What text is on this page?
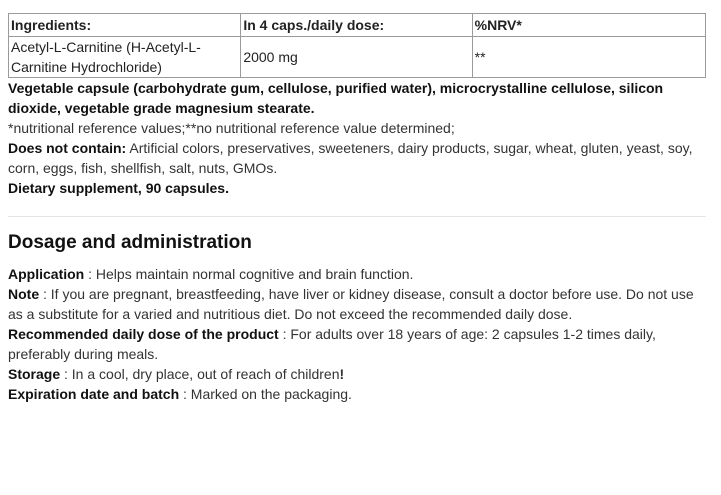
Ingredients:	In 4 caps./daily dose:	%NRV*
Acetyl-L-Carnitine (H-Acetyl-L-Carnitine Hydrochloride)	2000 mg	**

Vegetable capsule (carbohydrate gum, cellulose, purified water), microcrystalline cellulose, silicon dioxide, vegetable grade magnesium stearate.

*nutritional reference values;**no nutritional reference value determined;

Does not contain: Artificial colors, preservatives, sweeteners, dairy products, sugar, wheat, gluten, yeast, soy, corn, eggs, fish, shellfish, salt, nuts, GMOs.

Dietary supplement, 90 capsules.

Dosage and administration

Application : Helps maintain normal cognitive and brain function.

Note : If you are pregnant, breastfeeding, have liver or kidney disease, consult a doctor before use. Do not use as a substitute for a varied and nutritious diet. Do not exceed the recommended daily dose.

Recommended daily dose of the product : For adults over 18 years of age: 2 capsules 1-2 times daily, preferably during meals.

Storage : In a cool, dry place, out of reach of children!

Expiration date and batch : Marked on the packaging.
